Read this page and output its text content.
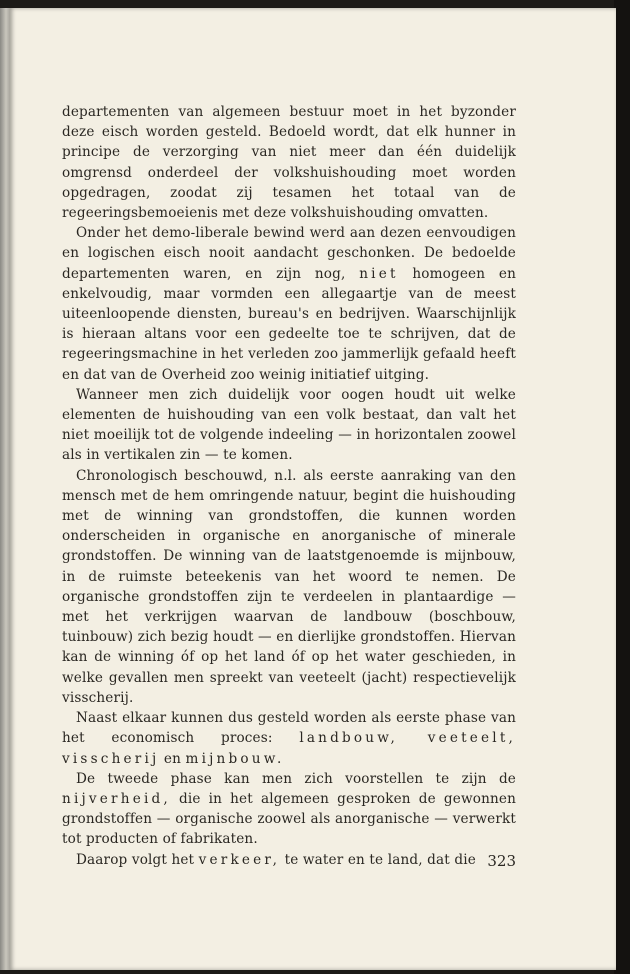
departementen van algemeen bestuur moet in het byzonder deze eisch worden gesteld. Bedoeld wordt, dat elk hunner in principe de verzorging van niet meer dan één duidelijk omgrensd onderdeel der volkshuishouding moet worden opgedragen, zoodat zij tesamen het totaal van de regeeringsbemoeienis met deze volkshuishouding omvatten.

Onder het demo-liberale bewind werd aan dezen eenvoudigen en logischen eisch nooit aandacht geschonken. De bedoelde departementen waren, en zijn nog, niet homogeen en enkelvoudig, maar vormden een allegaartje van de meest uiteenloopende diensten, bureau's en bedrijven. Waarschijnlijk is hieraan altans voor een gedeelte toe te schrijven, dat de regeeringsmachine in het verleden zoo jammerlijk gefaald heeft en dat van de Overheid zoo weinig initiatief uitging.

Wanneer men zich duidelijk voor oogen houdt uit welke elementen de huishouding van een volk bestaat, dan valt het niet moeilijk tot de volgende indeeling — in horizontalen zoowel als in vertikalen zin — te komen.

Chronologisch beschouwd, n.l. als eerste aanraking van den mensch met de hem omringende natuur, begint die huishouding met de winning van grondstoffen, die kunnen worden onderscheiden in organische en anorganische of minerale grondstoffen. De winning van de laatstgenoemde is mijnbouw, in de ruimste beteekenis van het woord te nemen. De organische grondstoffen zijn te verdeelen in plantaardige — met het verkrijgen waarvan de landbouw (boschbouw, tuinbouw) zich bezig houdt — en dierlijke grondstoffen. Hiervan kan de winning óf op het land óf op het water geschieden, in welke gevallen men spreekt van veeteelt (jacht) respectievelijk visscherij.

Naast elkaar kunnen dus gesteld worden als eerste phase van het economisch proces: landbouw, veeteelt, visscherij en mijnbouw.

De tweede phase kan men zich voorstellen te zijn de nijverheid, die in het algemeen gesproken de gewonnen grondstoffen — organische zoowel als anorganische — verwerkt tot producten of fabrikaten.

Daarop volgt het verkeer, te water en te land, dat die 323
